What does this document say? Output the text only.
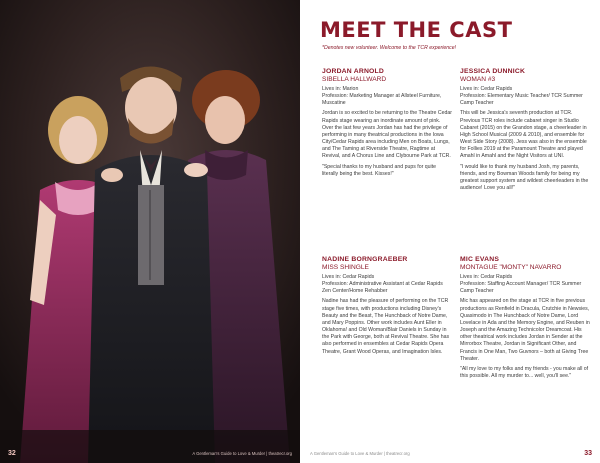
32	A Gentleman's Guide to Love & Murder | theatrecr.org
MEET THE CAST
*Denotes new volunteer. Welcome to the TCR experience!
JORDAN ARNOLD
SIBELLA HALLWARD
Lives in: Marion
Profession: Marketing Manager at Allsteel Furniture, Muscatine
Jordan is so excited to be returning to the Theatre Cedar Rapids stage wearing an inordinate amount of pink. Over the last few years Jordan has had the privilege of performing in many theatrical productions in the Iowa City/Cedar Rapids area including Men on Boats, Lungs, and The Taming at Riverside Theatre, Ragtime at Revival, and A Chorus Line and Clybourne Park at TCR.
"Special thanks to my husband and pups for quite literally being the best. Kisses!"
NADINE BORNGRAEBER
MISS SHINGLE
Lives in: Cedar Rapids
Profession: Administrative Assistant at Cedar Rapids Zen Center/Home Rehabber
Nadine has had the pleasure of performing on the TCR stage five times, with productions including Disney's Beauty and the Beast, The Hunchback of Notre Dame, and Mary Poppins. Other work includes Aunt Eller in Oklahoma! and Old Woman/Blair Daniels in Sunday in the Park with George, both at Revival Theatre. She has also performed in ensembles at Cedar Rapids Opera Theatre, Grant Wood Operas, and Imagination Isles.
JESSICA DUNNICK
WOMAN #3
Lives in: Cedar Rapids
Profession: Elementary Music Teacher/ TCR Summer Camp Teacher
This will be Jessica's seventh production at TCR. Previous TCR roles include cabaret singer in Studio Cabaret (2015) on the Grandon stage, a cheerleader in High School Musical (2009 & 2010), and ensemble for West Side Story (2008). Jess was also in the ensemble for Follies 2019 at the Paramount Theatre and played Amahl in Amahl and the Night Visitors at UNI.
"I would like to thank my husband Josh, my parents, friends, and my Bowman Woods family for being my greatest support system and wildest cheerleaders in the audience! Love you all!"
MIC EVANS
MONTAGUE "MONTY" NAVARRO
Lives in: Cedar Rapids
Profession: Staffing Account Manager/ TCR Summer Camp Teacher
Mic has appeared on the stage at TCR in five previous productions as Renfield in Dracula, Crutchie in Newsies, Quasimodo in The Hunchback of Notre Dame, Lord Lovelace in Ada and the Memory Engine, and Reuben in Joseph and the Amazing Technicolor Dreamcoat. His other theatrical work includes Jordan in Sender at the Mirrorbox Theatre, Jordan in Significant Other, and Francis in One Man, Two Guvnors – both at Giving Tree Theater.
"All my love to my folks and my friends - you make all of this possible. All my murder to... well, you'll see."
A Gentleman's Guide to Love & Murder | theatrecr.org	33
